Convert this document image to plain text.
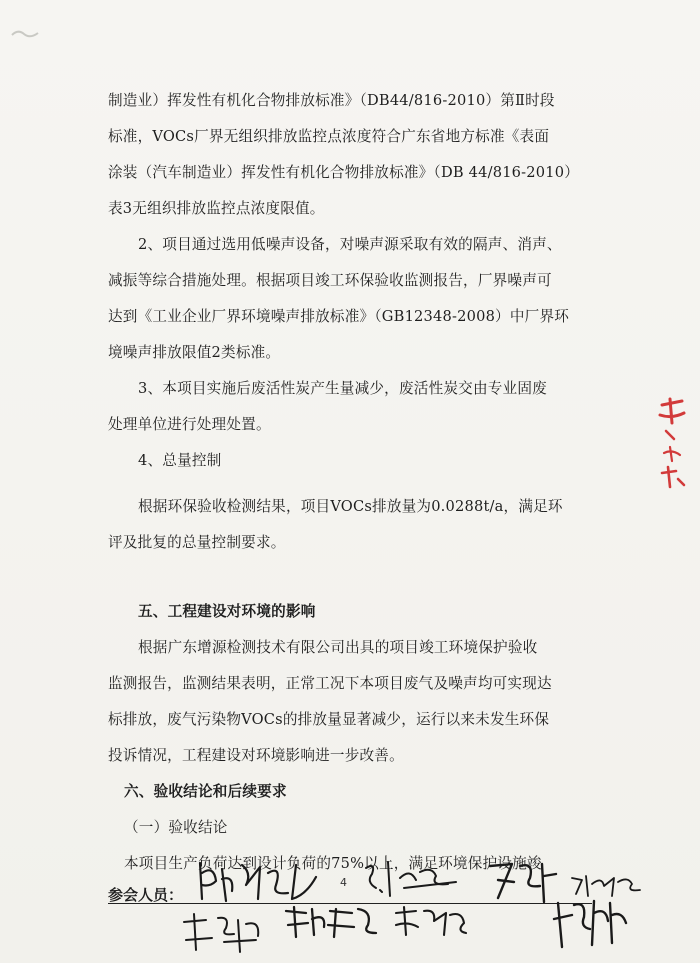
制造业）挥发性有机化合物排放标准》（DB44/816-2010）第Ⅱ时段
标准，VOCs厂界无组织排放监控点浓度符合广东省地方标准《表面
涂装（汽车制造业）挥发性有机化合物排放标准》（DB 44/816-2010）
表3无组织排放监控点浓度限值。
2、项目通过选用低噪声设备，对噪声源采取有效的隔声、消声、
减振等综合措施处理。根据项目竣工环保验收监测报告，厂界噪声可
达到《工业企业厂界环境噪声排放标准》（GB12348-2008）中厂界环
境噪声排放限值2类标准。
3、本项目实施后废活性炭产生量减少，废活性炭交由专业固废
处理单位进行处理处置。
4、总量控制
根据环保验收检测结果，项目VOCs排放量为0.0288t/a，满足环
评及批复的总量控制要求。
五、工程建设对环境的影响
根据广东增源检测技术有限公司出具的项目竣工环境保护验收
监测报告，监测结果表明，正常工况下本项目废气及噪声均可实现达
标排放，废气污染物VOCs的排放量显著减少，运行以来未发生环保
投诉情况，工程建设对环境影响进一步改善。
六、验收结论和后续要求
（一）验收结论
本项目生产负荷达到设计负荷的75%以上，满足环境保护设施竣
4
参会人员：
